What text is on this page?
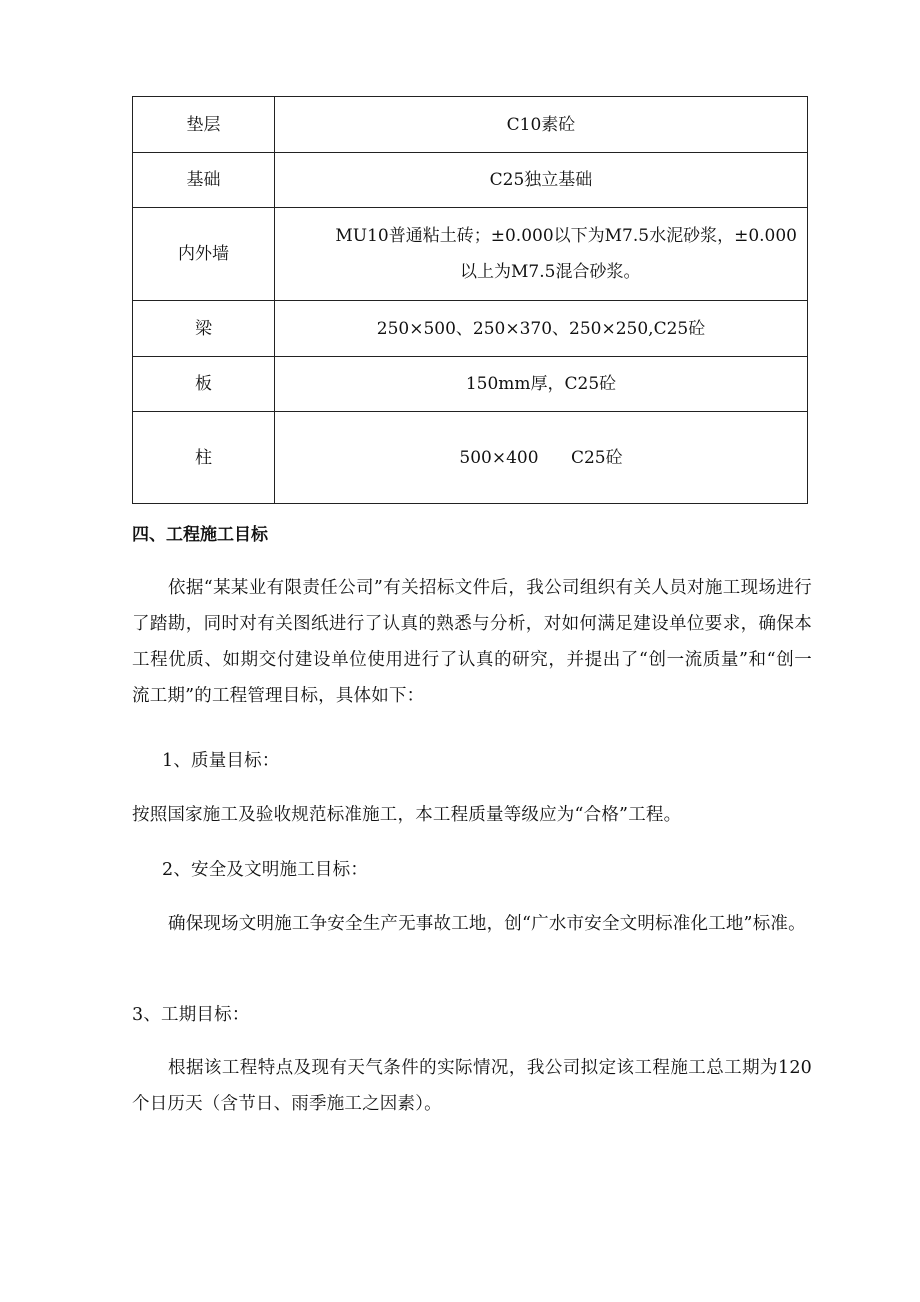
垫层	C10素砼
基础	C25独立基础
内外墙	MU10普通粘土砖；±0.000以下为M7.5水泥砂浆，±0.000
以上为M7.5混合砂浆。

梁	250×500、250×370、250×250,C25砼
板	150mm厚，C25砼
柱	500×400      C25砼
四、工程施工目标

依据“某某业有限责任公司”有关招标文件后，我公司组织有关人员对施工现场进行了踏勘，同时对有关图纸进行了认真的熟悉与分析，对如何满足建设单位要求，确保本工程优质、如期交付建设单位使用进行了认真的研究，并提出了“创一流质量”和“创一流工期”的工程管理目标，具体如下：

1、质量目标：

按照国家施工及验收规范标准施工，本工程质量等级应为“合格”工程。

2、安全及文明施工目标：

确保现场文明施工争安全生产无事故工地，创“广水市安全文明标准化工地”标准。

3、工期目标：

根据该工程特点及现有天气条件的实际情况，我公司拟定该工程施工总工期为120个日历天（含节日、雨季施工之因素）。
